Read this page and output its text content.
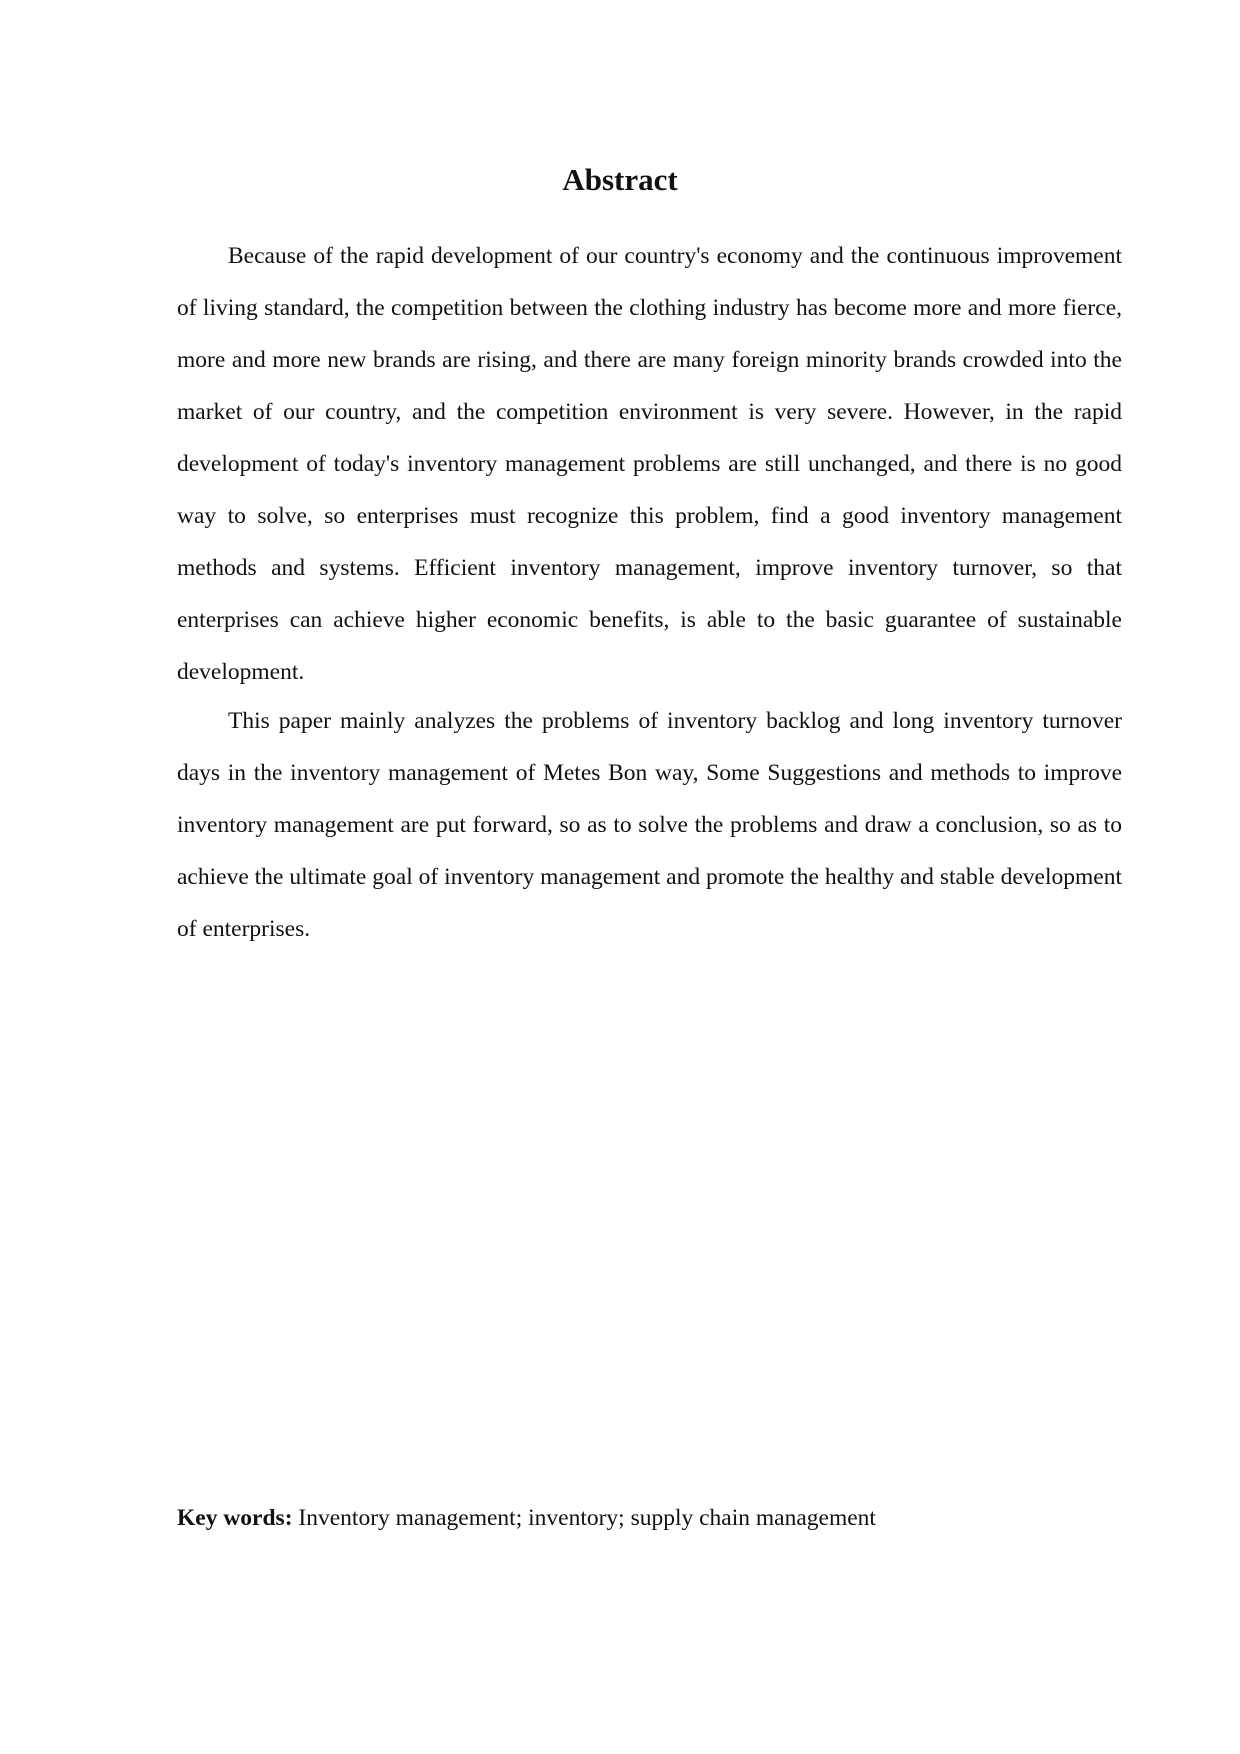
Abstract

Because of the rapid development of our country's economy and the continuous improvement of living standard, the competition between the clothing industry has become more and more fierce, more and more new brands are rising, and there are many foreign minority brands crowded into the market of our country, and the competition environment is very severe. However, in the rapid development of today's inventory management problems are still unchanged, and there is no good way to solve, so enterprises must recognize this problem, find a good inventory management methods and systems. Efficient inventory management, improve inventory turnover, so that enterprises can achieve higher economic benefits, is able to the basic guarantee of sustainable development.

This paper mainly analyzes the problems of inventory backlog and long inventory turnover days in the inventory management of Metes Bon way, Some Suggestions and methods to improve inventory management are put forward, so as to solve the problems and draw a conclusion, so as to achieve the ultimate goal of inventory management and promote the healthy and stable development of enterprises.

Key words: Inventory management; inventory; supply chain management
